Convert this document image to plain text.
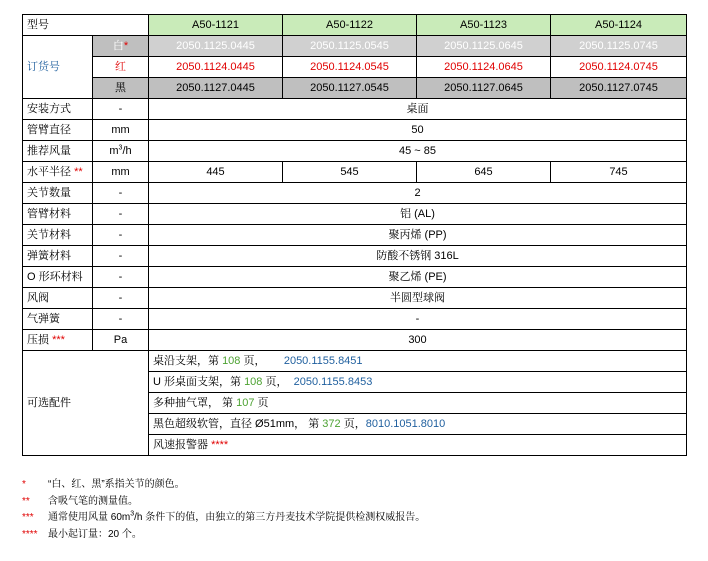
型号		A50-1121	A50-1122	A50-1123	A50-1124
订货号	白*	2050.1125.0445	2050.1125.0545	2050.1125.0645	2050.1125.0745
	红	2050.1124.0445	2050.1124.0545	2050.1124.0645	2050.1124.0745
	黑	2050.1127.0445	2050.1127.0545	2050.1127.0645	2050.1127.0745
安装方式	-	桌面			
管臂直径	mm	50			
推荐风量	$m^3/h$	45 ~ 85			
水平半径 **	mm	445	545	645	745
关节数量	-	2			
管臂材料	-	铝 (AL)			
关节材料	-	聚丙烯 (PP)			
弹簧材料	-	防酸不锈钢 316L			
O 形环材料	-	聚乙烯 (PE)			
风阀	-	半圆型球阀			
气弹簧	-	-			
压损 ***	Pa	300			
可选配件		桌沿支架，第 108 页， 2050.1155.8451			
		U 形桌面支架，第 108 页， 2050.1155.8453			
		多种抽气罩， 第 107 页			
		黑色超级软管，直径 Ø51mm， 第 372 页，8010.1051.8010			
		风速报警器 ****			
*	“白、红、黑”系指关节的颜色。
**	含吸气笔的测量值。
***	通常使用风量 $60m^3/h$ 条件下的值，由独立的第三方丹麦技术学院提供检测权威报告。
****	最小起订量：20 个。
